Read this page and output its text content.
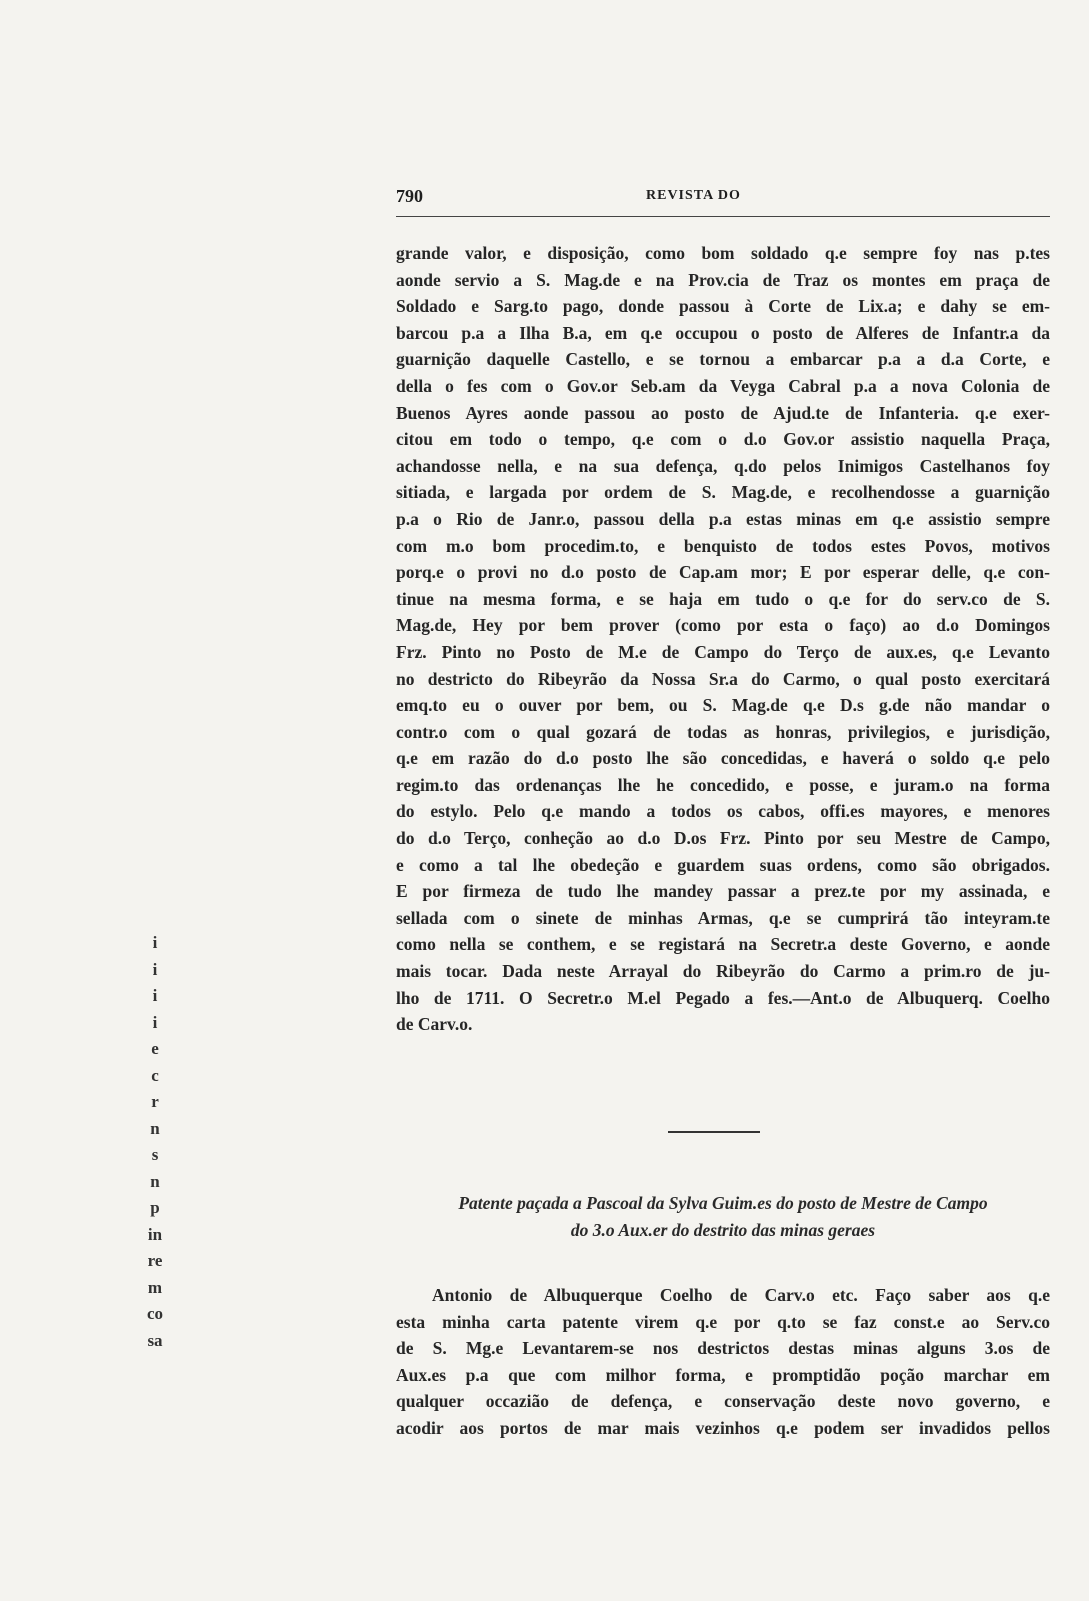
i
i
i
i
e
c
r
n
s
n
p
in
re
m
co
sa
790	REVISTA DO
grande valor, e disposição, como bom soldado q.e sempre foy nas p.tes
aonde servio a S. Mag.de e na Prov.cia de Traz os montes em praça de
Soldado e Sarg.to pago, donde passou à Corte de Lix.a; e dahy se em-
barcou p.a a Ilha B.a, em q.e occupou o posto de Alferes de Infantr.a da
guarnição daquelle Castello, e se tornou a embarcar p.a a d.a Corte, e
della o fes com o Gov.or Seb.am da Veyga Cabral p.a a nova Colonia de
Buenos Ayres aonde passou ao posto de Ajud.te de Infanteria. q.e exer-
citou em todo o tempo, q.e com o d.o Gov.or assistio naquella Praça,
achandosse nella, e na sua defença, q.do pelos Inimigos Castelhanos foy
sitiada, e largada por ordem de S. Mag.de, e recolhendosse a guarnição
p.a o Rio de Janr.o, passou della p.a estas minas em q.e assistio sempre
com m.o bom procedim.to, e benquisto de todos estes Povos, motivos
porq.e o provi no d.o posto de Cap.am mor; E por esperar delle, q.e con-
tinue na mesma forma, e se haja em tudo o q.e for do serv.co de S.
Mag.de, Hey por bem prover (como por esta o faço) ao d.o Domingos
Frz. Pinto no Posto de M.e de Campo do Terço de aux.es, q.e Levanto
no destricto do Ribeyrão da Nossa Sr.a do Carmo, o qual posto exercitará
emq.to eu o ouver por bem, ou S. Mag.de q.e D.s g.de não mandar o
contr.o com o qual gozará de todas as honras, privilegios, e jurisdição,
q.e em razão do d.o posto lhe são concedidas, e haverá o soldo q.e pelo
regim.to das ordenanças lhe he concedido, e posse, e juram.o na forma
do estylo. Pelo q.e mando a todos os cabos, offi.es mayores, e menores
do d.o Terço, conheção ao d.o D.os Frz. Pinto por seu Mestre de Campo,
e como a tal lhe obedeção e guardem suas ordens, como são obrigados.
E por firmeza de tudo lhe mandey passar a prez.te por my assinada, e
sellada com o sinete de minhas Armas, q.e se cumprirá tão inteyram.te
como nella se conthem, e se registará na Secretr.a deste Governo, e aonde
mais tocar. Dada neste Arrayal do Ribeyrão do Carmo a prim.ro de ju-
lho de 1711. O Secretr.o M.el Pegado a fes.—Ant.o de Albuquerq. Coelho
de Carv.o.
Patente paçada a Pascoal da Sylva Guim.es do posto de Mestre de Campo
do 3.o Aux.er do destrito das minas geraes
Antonio de Albuquerque Coelho de Carv.o etc. Faço saber aos q.e
esta minha carta patente virem q.e por q.to se faz const.e ao Serv.co
de S. Mg.e Levantarem-se nos destrictos destas minas alguns 3.os de
Aux.es p.a que com milhor forma, e promptidão poção marchar em
qualquer occazião de defença, e conservação deste novo governo, e
acodir aos portos de mar mais vezinhos q.e podem ser invadidos pellos
